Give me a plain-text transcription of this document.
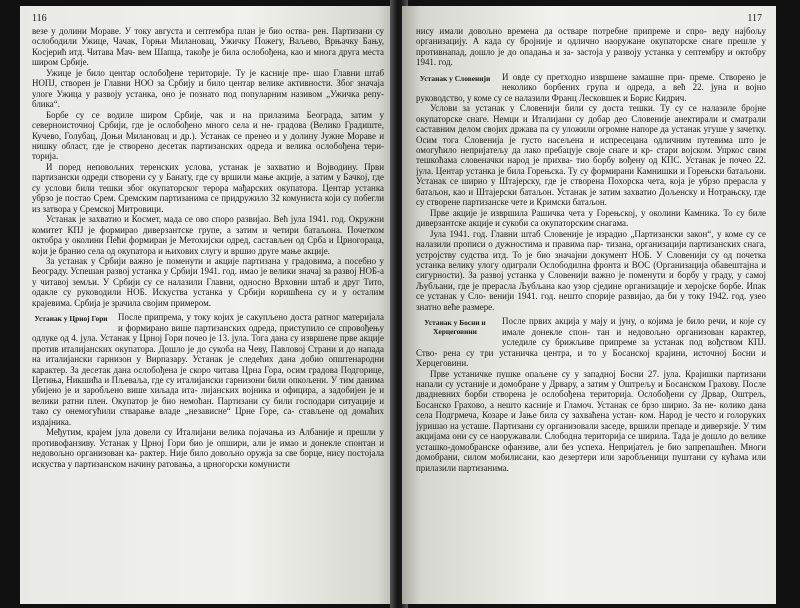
116

везе у долини Мораве. У току августа и септембра план је био оства- рен. Партизани су ослободили Ужице, Чачак, Горњи Милановац, Ужичку Пожегу, Ваљево, Врњачку Бању, Косјерић итд. Читава Мач- вем Шапца, такође је била ослобођена, као и многа друга места широм Србије.

Ужице је било центар ослобођене територије. Ту је касније пре- шао Главни штаб НОПЈ, створен је Главни НОО за Србију и било центар велике активности. Због значаја улоге Ужица у развоју устанка, оно је познато под популарним називом „Ужичка репу- блика“.

Борбе су се водиле широм Србије, чак и на прилазима Београда, затим у северноисточној Србији, где је ослобођено много села и не- градова (Велико Градиште, Кучево, Голубац, Доњи Милановац и др.). Устанак се пренео и у долину Јужне Мораве и нишку област, где је створено десетак партизанских одреда и велика ослобођена тери- торија.

И поред неповољних теренских услова, устанак је захватио и Војводину. Први партизански одреди створени су у Банату, где су вршили мање акције, а затим у Бачкој, где су услови били тешки због окупаторског терора мађарских окупатора. Центар устанка убрзо је постао Срем. Сремским партизанима се придружило 32 комуниста који су побегли из затвора у Сремској Митровици.

Устанак је захватио и Космет, мада се ово спорo развијао. Већ јула 1941. год. Окружни комитет КПЈ је формирао диверзантске групе, а затим и четири батаљона. Почетком октобра у околини Пећи формиран је Метохијски одред, састављен од Срба и Црногораца, који је бранио села од окупатора и њихових слугу и вршио друге мање акције.

За устанак у Србији важно је поменути и акције партизана у градовима, а посебно у Београду. Успешан развој устанка у Србији 1941. год. имао је велики значај за развој НОБ-а у читавој земљи. У Србији су се налазили Главни, односно Врховни штаб и друг Тито, одакле су руководили НОБ. Искуства устанка у Србији коришћена су и у осталим крајевима. Србија је зрачила својим примером.

Устанак у Црној Гори	После припрема, у току којих је сакупљено доста ратног материјала и формирано више партизанских одреда, приступило се спровођењу одлуке од 4. јула. Устанак у Црној Гори почео је 13. јула. Тога дана су извршене прве акције против италијанских окупатора. Дошло је до сукоба на Чеву, Павловој Страни и до напада на италијански гарнизон у Вирпазару. Устанак је следећих дана добио општенародни карактер. За десетак дана ослобођена је скоро читава Црна Гора, осим градова Подгорице, Цетиња, Никшића и Пљеваља, где су италијански гарнизони били опкољени. У тим данима убијено је и заробљено више хиљада ита- лијанских војника и официра, а задобијен је и велики ратни плен. Окупатор је био немоћан. Партизани су били господари ситуације и тако су онемогућили стварање владе „независне“ Црне Горе, са- стављене од домаћих издајника.

Међутим, крајем јула довели су Италијани велика појачања из Албаније и прешли у противофанзиву. Устанак у Црној Гори био је опшири, али је имао и донекле спонтан и недовољно организован ка- рактер. Није било довољно оружја за све борце, нису постојала искуства у партизанском начину ратовања, а црногорски комунисти

117

нису имали довољно времена да оствaре потребне припреме и спро- веду најбољу организацију. А када су бројније и одлично наоружане окупаторске снаге прешле у противнапад, дошло је до опадања и за- застоја у развоју устанка у септембру и октобру 1941. год.

Устанак у Словенији	И овде су претходно извршене замашне при- преме. Створено је неколико борбених група и одреда, а већ 22. јуна и војно руководство, у коме су се налазили Франц Лесковшек и Борис Кидрич.

Услови за устанак у Словенији били су доста тешки. Ту су се налазиле бројне окупаторске снаге. Немци и Италијани су добар део Словеније анектирали и сматрали саставним делом својих држава па су уложили огромне напоре да устанак угуше у зачетку. Осим тога Словенија је густо насељена и испресецана одличним путевима што је омогућило непријатељу да лако пребацује своје снаге и кр- стари војском. Упркос свим тешкоћама словеначки народ је прихва- тио борбу вођену од КПС. Устанак је почео 22. јула. Центар устанка је била Горењска. Ту су формирани Камнишки и Горењски батаљони. Устанак се ширио у Штајерску, где је створена Похорска чета, која је убрзо прерасла у батаљон, као и Штајерски батаљон. Устанак је затим захватио Дољенску и Нотрањску, где су створене партизанске чете и Кримски батаљон.

Прве акције је извршила Рашичка чета у Горењској, у околини Камника. То су биле диверзантске акције и сукоби са окупаторским снагама.

Јула 1941. год. Главни штаб Словеније је израдио „Партизански закон“, у коме су се налазили прописи о дужностима и правима пар- тизана, организацији партизанских снага, устројству судства итд. То је био значајни документ НОБ. У Словенији су од почетка устанка велику улогу одиграли Ослободилна фронта и ВОС (Организација обавештајна и сигурности). За развој устанка у Словенији важно је поменути и борбу у граду, у самој Љубљани, где је прерасла Љубљана као узор сједине организације и херојске борбе. Ипак се устанак у Сло- венији 1941. год. нешто спорије развијао, да би у току 1942. год. узео знатно веће размере.

Устанак у Босни и Херцеговини

После првих акција у мају и јуну, о којима је било речи, и које су имале донекле спон- тан и недовољно организован карактер, уследиле су брижљиве припреме за устанак под вођством КПЈ. Ство- рена су три устаничка центра, и то у Босанској крајини, источној Босни и Херцеговини.

Прве устаничке пушке опаљене су у западној Босни 27. јула. Крајишки партизани напали су устаније и домобране у Дрвару, а затим у Оштрељу и Босанском Грахову. После двадневних борби створена је ослобођена територија. Ослобођени су Дрвар, Оштрељ, Босанско Грахово, а нешто касније и Гламоч. Устанак се брзо ширио. За не- колико дана села Подгрмеча, Козаре и Јање била су захваћена устан- ком. Народ је често и голоруких јуришао на усташе. Партизани су организовали заседе, вршили препаде и диверзије. У тим акцијама они су се наоружавали. Слободна територија се ширила. Тада је дошло до велике усташко-домобранске офанзиве, али без успеха. Непријатељ је био запрепашћен. Многи домобрани, силом мобилисани, као дезертери или заробљеници пуштани су кућама или прилазили партизанима.
